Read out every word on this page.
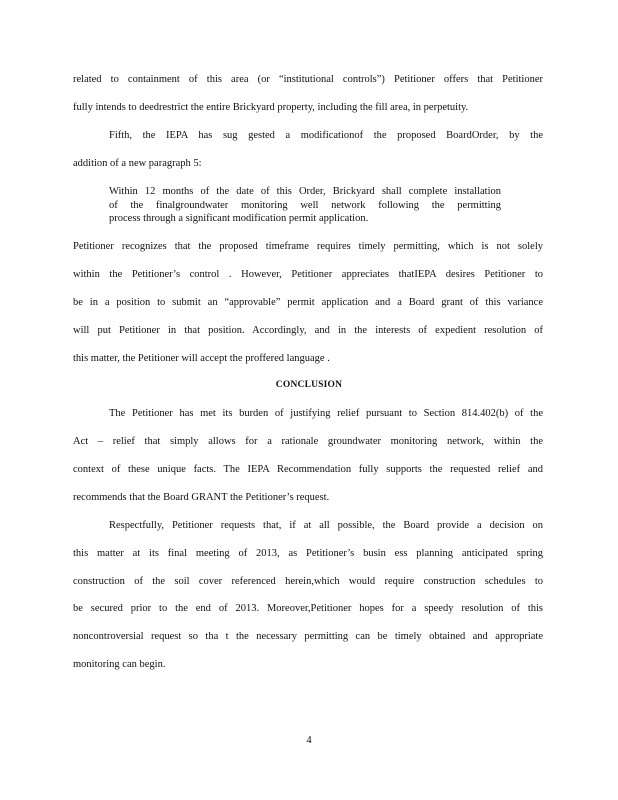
related to containment of this area (or “institutional controls”) Petitioner offers that Petitioner
fully intends to deedrestrict the entire Brickyard property, including the fill area, in perpetuity.
Fifth, the IEPA has sug gested a modificationof the proposed BoardOrder, by the
addition of a new paragraph 5:
Within 12 months of the date of this Order, Brickyard shall complete installation
of the finalgroundwater monitoring well network following the permitting
process through a significant modification permit application.
Petitioner recognizes that the proposed timeframe requires timely permitting, which is not solely
within the Petitioner’s control . However, Petitioner appreciates thatIEPA desires Petitioner to
be in a position to submit an “approvable” permit application and a Board grant of this variance
will put Petitioner in that position. Accordingly, and in the interests of expedient resolution of
this matter, the Petitioner will accept the proffered language .
CONCLUSION
The Petitioner has met its burden of justifying relief pursuant to Section 814.402(b) of the
Act – relief that simply allows for a rationale groundwater monitoring network, within the
context of these unique facts. The IEPA Recommendation fully supports the requested relief and
recommends that the Board GRANT the Petitioner’s request.
Respectfully, Petitioner requests that, if at all possible, the Board provide a decision on
this matter at its final meeting of 2013, as Petitioner’s busin ess planning anticipated spring
construction of the soil cover referenced herein,which would require construction schedules to
be secured prior to the end of 2013. Moreover,Petitioner hopes for a speedy resolution of this
noncontroversial request so tha t the necessary permitting can be timely obtained and appropriate
monitoring can begin.
4
